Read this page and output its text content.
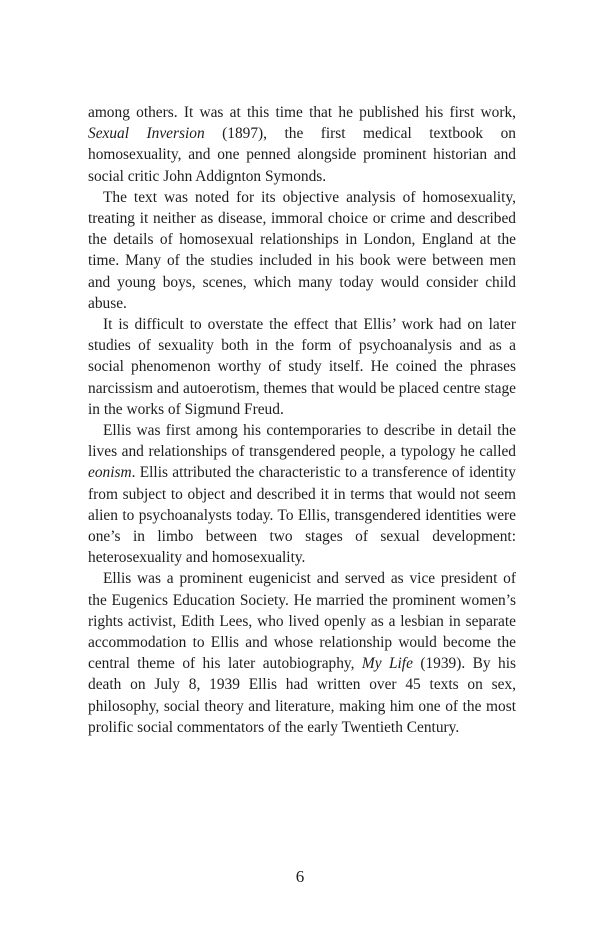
among others. It was at this time that he published his first work, Sexual Inversion (1897), the first medical textbook on homosexuality, and one penned alongside prominent historian and social critic John Addignton Symonds.

The text was noted for its objective analysis of homosexuality, treating it neither as disease, immoral choice or crime and described the details of homosexual relationships in London, England at the time. Many of the studies included in his book were between men and young boys, scenes, which many today would consider child abuse.

It is difficult to overstate the effect that Ellis’ work had on later studies of sexuality both in the form of psychoanalysis and as a social phenomenon worthy of study itself. He coined the phrases narcissism and autoerotism, themes that would be placed centre stage in the works of Sigmund Freud.

Ellis was first among his contemporaries to describe in detail the lives and relationships of transgendered people, a typology he called eonism. Ellis attributed the characteristic to a transference of identity from subject to object and described it in terms that would not seem alien to psychoanalysts today. To Ellis, transgendered identities were one’s in limbo between two stages of sexual development: heterosexuality and homosexuality.

Ellis was a prominent eugenicist and served as vice president of the Eugenics Education Society. He married the prominent women’s rights activist, Edith Lees, who lived openly as a lesbian in separate accommodation to Ellis and whose relationship would become the central theme of his later autobiography, My Life (1939). By his death on July 8, 1939 Ellis had written over 45 texts on sex, philosophy, social theory and literature, making him one of the most prolific social commentators of the early Twentieth Century.

6
